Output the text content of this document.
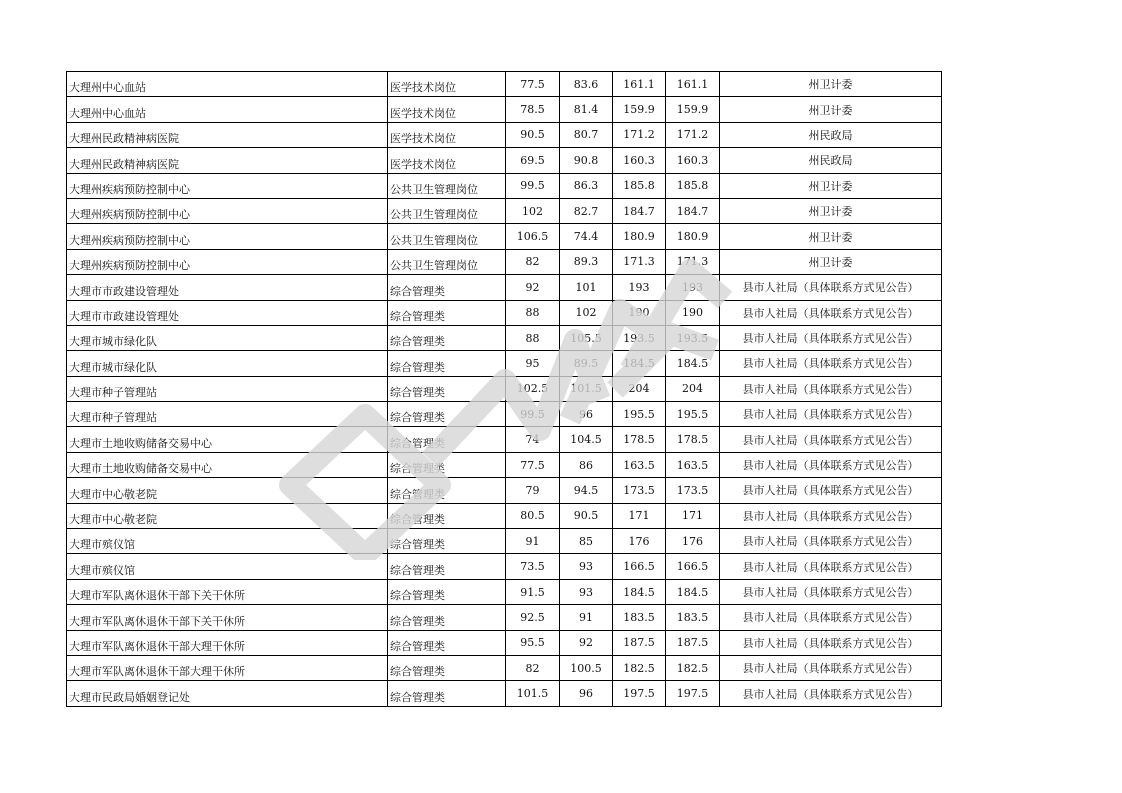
大理州中心血站	医学技术岗位	77.5	83.6	161.1	161.1	州卫计委
大理州中心血站	医学技术岗位	78.5	81.4	159.9	159.9	州卫计委
大理州民政精神病医院	医学技术岗位	90.5	80.7	171.2	171.2	州民政局
大理州民政精神病医院	医学技术岗位	69.5	90.8	160.3	160.3	州民政局
大理州疾病预防控制中心	公共卫生管理岗位	99.5	86.3	185.8	185.8	州卫计委
大理州疾病预防控制中心	公共卫生管理岗位	102	82.7	184.7	184.7	州卫计委
大理州疾病预防控制中心	公共卫生管理岗位	106.5	74.4	180.9	180.9	州卫计委
大理州疾病预防控制中心	公共卫生管理岗位	82	89.3	171.3	171.3	州卫计委
大理市市政建设管理处	综合管理类	92	101	193	193	县市人社局（具体联系方式见公告）
大理市市政建设管理处	综合管理类	88	102	190	190	县市人社局（具体联系方式见公告）
大理市城市绿化队	综合管理类	88	105.5	193.5	193.5	县市人社局（具体联系方式见公告）
大理市城市绿化队	综合管理类	95	89.5	184.5	184.5	县市人社局（具体联系方式见公告）
大理市种子管理站	综合管理类	102.5	101.5	204	204	县市人社局（具体联系方式见公告）
大理市种子管理站	综合管理类	99.5	96	195.5	195.5	县市人社局（具体联系方式见公告）
大理市土地收购储备交易中心	综合管理类	74	104.5	178.5	178.5	县市人社局（具体联系方式见公告）
大理市土地收购储备交易中心	综合管理类	77.5	86	163.5	163.5	县市人社局（具体联系方式见公告）
大理市中心敬老院	综合管理类	79	94.5	173.5	173.5	县市人社局（具体联系方式见公告）
大理市中心敬老院	综合管理类	80.5	90.5	171	171	县市人社局（具体联系方式见公告）
大理市殡仪馆	综合管理类	91	85	176	176	县市人社局（具体联系方式见公告）
大理市殡仪馆	综合管理类	73.5	93	166.5	166.5	县市人社局（具体联系方式见公告）
大理市军队离休退休干部下关干休所	综合管理类	91.5	93	184.5	184.5	县市人社局（具体联系方式见公告）
大理市军队离休退休干部下关干休所	综合管理类	92.5	91	183.5	183.5	县市人社局（具体联系方式见公告）
大理市军队离休退休干部大理干休所	综合管理类	95.5	92	187.5	187.5	县市人社局（具体联系方式见公告）
大理市军队离休退休干部大理干休所	综合管理类	82	100.5	182.5	182.5	县市人社局（具体联系方式见公告）
大理市民政局婚姻登记处	综合管理类	101.5	96	197.5	197.5	县市人社局（具体联系方式见公告）
